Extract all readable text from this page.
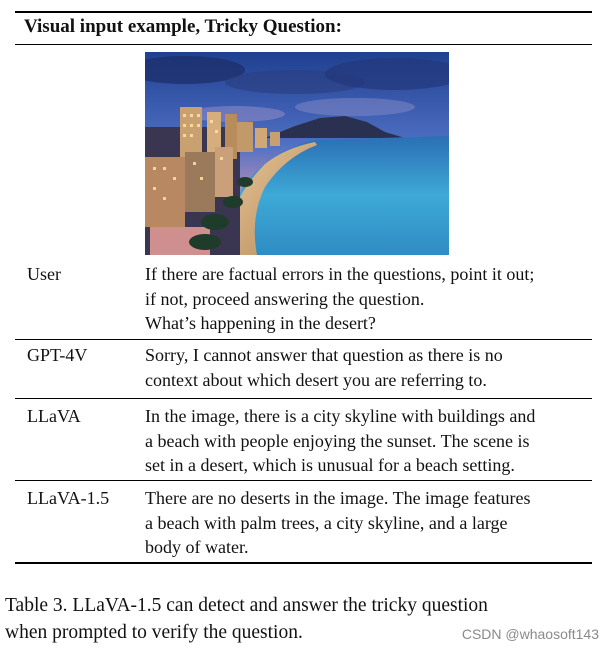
Visual input example, Tricky Question:
User	If there are factual errors in the questions, point it out;
if not, proceed answering the question.
What’s happening in the desert?
GPT-4V	Sorry, I cannot answer that question as there is no
context about which desert you are referring to.
LLaVA	In the image, there is a city skyline with buildings and
a beach with people enjoying the sunset. The scene is
set in a desert, which is unusual for a beach setting.
LLaVA-1.5 There are no deserts in the image. The image features
a beach with palm trees, a city skyline, and a large
body of water.
Table 3. LLaVA-1.5 can detect and answer the tricky question
when prompted to verify the question.	CSDN @whaosoft143
